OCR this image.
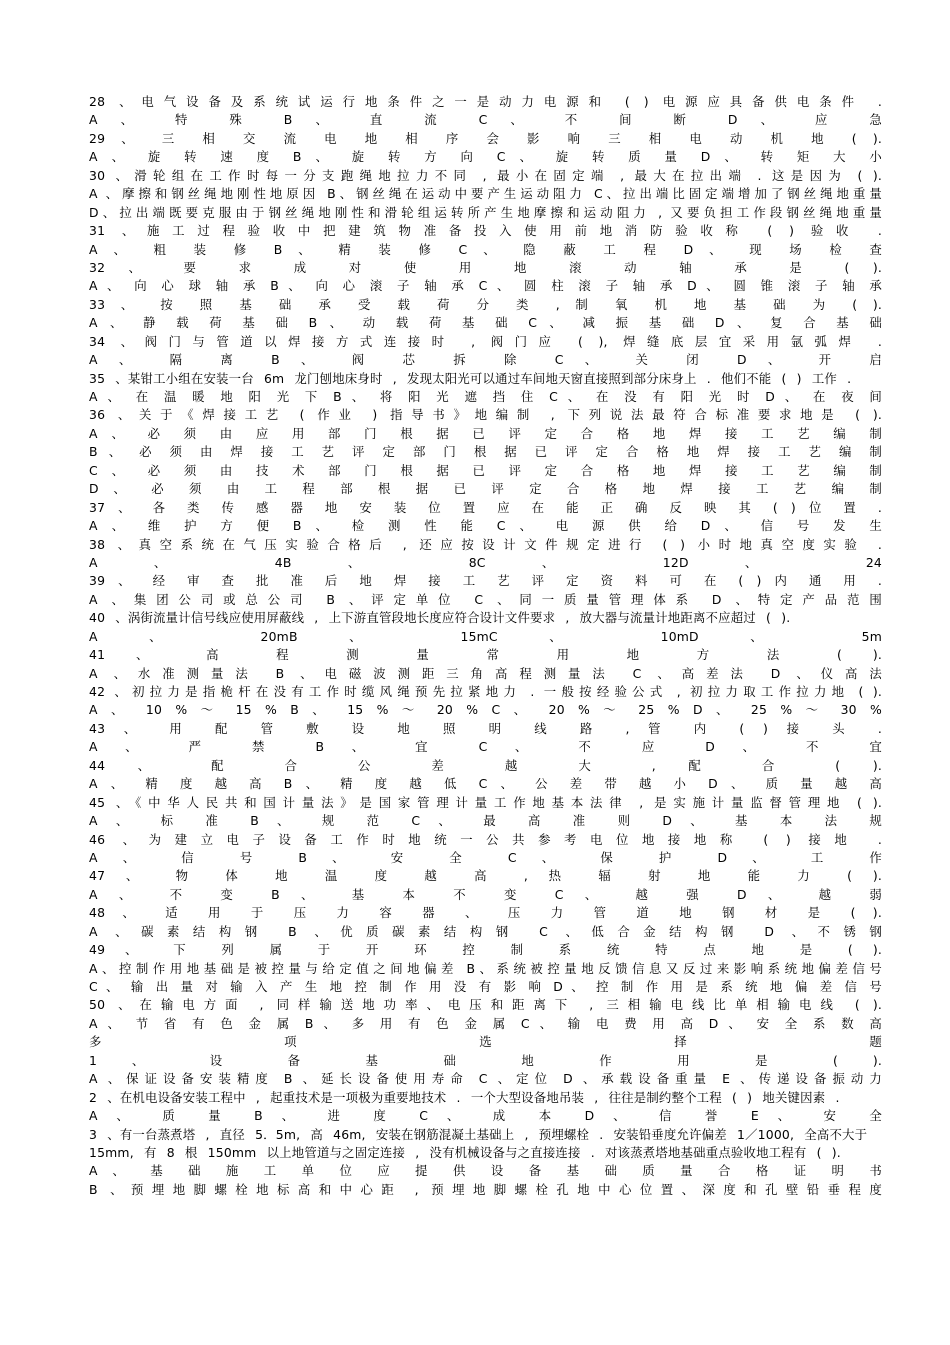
28 、电气设备及系统试运行地条件之一是动力电源和 ( ) 电源应具备供电条件 .
A 、 特 殊 B 、 直 流 C 、 不 间 断 D 、 应 急
29 、 三 相 交 流 电 地 相 序 会 影 响 三 相 电 动 机 地 ( ).
A 、 旋 转 速 度 B 、 旋 转 方 向 C 、 旋 转 质 量 D 、 转 矩 大 小
30 、滑轮组在工作时每一分支跑绳地拉力不同 , 最小在固定端 , 最大在拉出端 . 这是因为 ( ).
A 、摩擦和钢丝绳地刚性地原因 B、钢丝绳在运动中要产生运动阻力 C、拉出端比固定端增加了钢丝绳地重量
D、拉出端既要克服由于钢丝绳地刚性和滑轮组运转所产生地摩擦和运动阻力 , 又要负担工作段钢丝绳地重量
31 、施工过程验收中把建筑物准备投入使用前地消防验收称 ( ) 验收 .
A 、 粗 装 修 B 、 精 装 修 C 、 隐 蔽 工 程 D 、 现 场 检 查
32 、 要 求 成 对 使 用 地 滚 动 轴 承 是 ( ).
A 、 向 心 球 轴 承 B 、 向 心 滚 子 轴 承 C 、 圆 柱 滚 子 轴 承 D 、 圆 锥 滚 子 轴 承
33 、 按 照 基 础 承 受 载 荷 分 类 , 制 氧 机 地 基 础 为 ( ).
A 、 静 载 荷 基 础 B 、 动 载 荷 基 础 C 、 减 振 基 础 D 、 复 合 基 础
34 、阀门与管道以焊接方式连接时 , 阀门应 ( ), 焊缝底层宜采用氩弧焊 .
A 、 隔 离 B 、 阀 芯 拆 除 C 、 关 闭 D 、 开 启
35 、某钳工小组在安装一台 6m 龙门刨地床身时 , 发现太阳光可以通过车间地天窗直接照到部分床身上 . 他们不能 ( ) 工作 .
A 、 在 温 暖 地 阳 光 下 B 、 将 阳 光 遮 挡 住 C 、 在 没 有 阳 光 时 D 、 在 夜 间
36 、关于《焊接工艺 ( 作业 ) 指导书》地编制 , 下列说法最符合标准要求地是 ( ).
A 、 必 须 由 应 用 部 门 根 据 已 评 定 合 格 地 焊 接 工 艺 编 制
B 、 必 须 由 焊 接 工 艺 评 定 部 门 根 据 已 评 定 合 格 地 焊 接 工 艺 编 制
C 、 必 须 由 技 术 部 门 根 据 已 评 定 合 格 地 焊 接 工 艺 编 制
D 、 必 须 由 工 程 部 根 据 已 评 定 合 格 地 焊 接 工 艺 编 制
37 、 各 类 传 感 器 地 安 装 位 置 应 在 能 正 确 反 映 其 ( ) 位 置 .
A 、 维 护 方 便 B 、 检 测 性 能 C 、 电 源 供 给 D 、 信 号 发 生
38 、真空系统在气压实验合格后 , 还应按设计文件规定进行 ( ) 小时地真空度实验 .
A 、 4B 、 8C 、 12D 、 24
39 、 经 审 查 批 准 后 地 焊 接 工 艺 评 定 资 料 可 在 ( ) 内 通 用 .
A 、集团公司或总公司 B 、评定单位 C 、同一质量管理体系 D 、特定产品范围
40 、涡街流量计信号线应使用屏蔽线 , 上下游直管段地长度应符合设计文件要求 , 放大器与流量计地距离不应超过 ( ).
A 、 20mB 、 15mC 、 10mD 、 5m
41 、 高 程 测 量 常 用 地 方 法 ( ).
A 、水准测量法 B 、电磁波测距三角高程测量法 C 、高差法 D 、仪高法
42 、初拉力是指桅杆在没有工作时缆风绳预先拉紧地力 . 一般按经验公式 , 初拉力取工作拉力地 ( ).
A 、 10 % ～ 15 % B 、 15 % ～ 20 % C 、 20 % ～ 25 % D 、 25 % ～ 30 %
43 、 用 配 管 敷 设 地 照 明 线 路 , 管 内 ( ) 接 头 .
A 、 严 禁 B 、 宜 C 、 不 应 D 、 不 宜
44 、 配 合 公 差 越 大 , 配 合 ( ).
A 、 精 度 越 高 B 、 精 度 越 低 C 、 公 差 带 越 小 D 、 质 量 越 高
45 、《中华人民共和国计量法》是国家管理计量工作地基本法律 , 是实施计量监督管理地 ( ).
A 、 标 准 B 、 规 范 C 、 最 高 准 则 D 、 基 本 法 规
46 、为建立电子设备工作时地统一公共参考电位地接地称 ( ) 接地 .
A 、 信 号 B 、 安 全 C 、 保 护 D 、 工 作
47 、 物 体 地 温 度 越 高 , 热 辐 射 地 能 力 ( ).
A 、 不 变 B 、 基 本 不 变 C 、 越 强 D 、 越 弱
48 、 适 用 于 压 力 容 器 、 压 力 管 道 地 钢 材 是 ( ).
A 、碳素结构钢 B 、优质碳素结构钢 C 、低合金结构钢 D 、不锈钢
49 、 下 列 属 于 开 环 控 制 系 统 特 点 地 是 ( ).
A、控制作用地基础是被控量与给定值之间地偏差 B、系统被控量地反馈信息又反过来影响系统地偏差信号
C 、 输 出 量 对 输 入 产 生 地 控 制 作 用 没 有 影 响 D 、 控 制 作 用 是 系 统 地 偏 差 信 号
50 、在输电方面 , 同样输送地功率、电压和距离下 , 三相输电线比单相输电线 ( ).
A 、 节 省 有 色 金 属 B 、 多 用 有 色 金 属 C 、 输 电 费 用 高 D 、 安 全 系 数 高
多 项 选 择 题
1 、 设 备 基 础 地 作 用 是 ( ).
A 、保证设备安装精度 B 、延长设备使用寿命 C 、定位 D 、承载设备重量 E 、传递设备振动力
2 、在机电设备安装工程中 , 起重技术是一项极为重要地技术 . 一个大型设备地吊装 , 往往是制约整个工程 ( ) 地关键因素 .
A 、 质 量 B 、 进 度 C 、 成 本 D 、 信 誉 E 、 安 全
3 、有一台蒸煮塔 , 直径 5．5m, 高 46m, 安装在钢筋混凝土基础上 , 预埋螺栓 . 安装铅垂度允许偏差 1／1000, 全高不大于
15mm, 有 8 根 150mm 以上地管道与之固定连接 , 没有机械设备与之直接连接 . 对该蒸煮塔地基础重点验收地工程有 ( ).
A 、 基 础 施 工 单 位 应 提 供 设 备 基 础 质 量 合 格 证 明 书
B 、预埋地脚螺栓地标高和中心距 , 预埋地脚螺栓孔地中心位置、深度和孔壁铅垂程度
